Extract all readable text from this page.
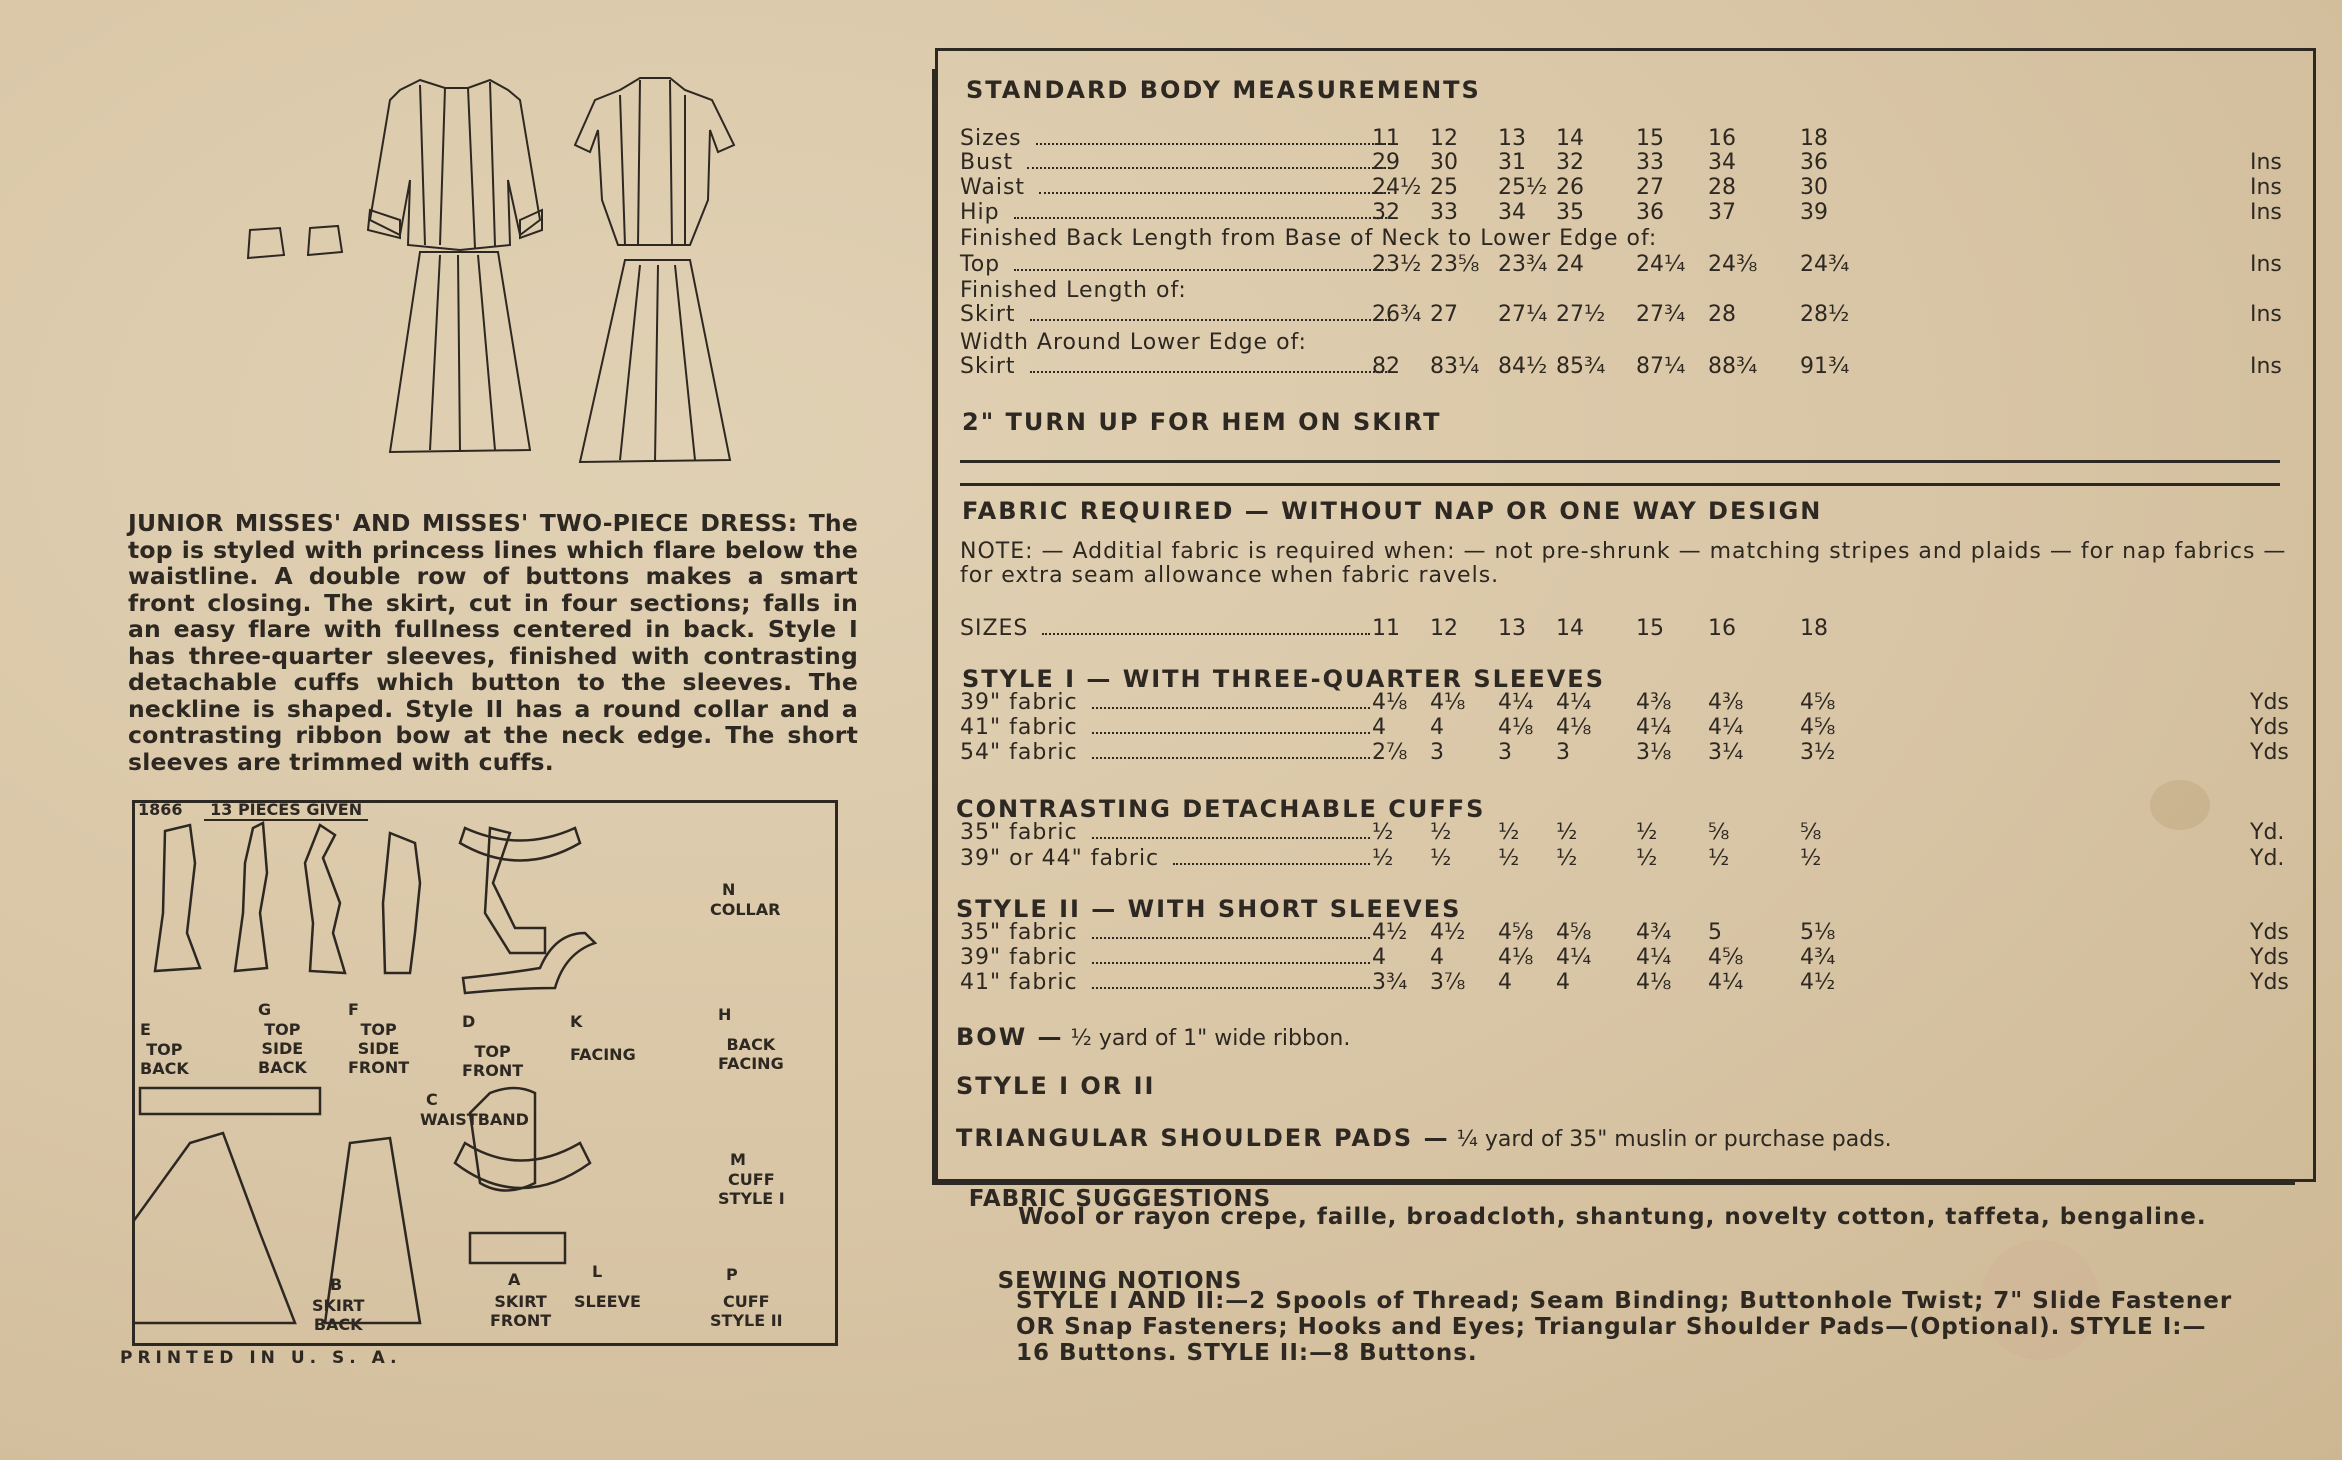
JUNIOR MISSES' AND MISSES' TWO-PIECE DRESS: The top is styled with princess lines which flare below the waistline. A double row of buttons makes a smart front closing. The skirt, cut in four sections; falls in an easy flare with fullness centered in back. Style I has three-quarter sleeves, finished with contrasting detachable cuffs which button to the sleeves. The neckline is shaped. Style II has a round collar and a contrasting ribbon bow at the neck edge. The short sleeves are trimmed with cuffs.
1866 13 PIECES GIVEN
E
TOP
BACK
G
TOP
SIDE
BACK
F
TOP
SIDE
FRONT
D
TOP
FRONT
K
FACING
N
COLLAR
H
BACK
FACING
C
WAISTBAND
M
CUFF
STYLE I
B
SKIRT
BACK
A
SKIRT
FRONT
L
SLEEVE
P
CUFF
STYLE II
PRINTED IN U. S. A.
STANDARD BODY MEASUREMENTS
Sizes	11	12	13	14	15	16	18
Bust	29	30	31	32	33	34	36	Ins
Waist	24½ 25	25½ 26	27	28	30	Ins
Hip	32	33	34	35	36	37	39	Ins
Finished Back Length from Base of Neck to Lower Edge of:
Top	23½ 23⅝ 23¾ 24	24¼	24⅜	24¾	Ins
Finished Length of:
Skirt	26¾ 27	27¼ 27½	27¾	28	28½	Ins
Width Around Lower Edge of:
Skirt	82	83¼ 84½ 85¾	87¼	88¾	91¾	Ins
SIZES	11	12	13	14	15	16	18
39" fabric	4⅛	4⅛	4¼	4¼	4⅜	4⅜	4⅝	Yds
41" fabric	4	4	4⅛	4⅛	4¼	4¼	4⅝	Yds
54" fabric	2⅞	3	3	3	3⅛	3¼	3½	Yds
35" fabric	½	½	½	½	½	⅝	⅝	Yd.
39" or 44" fabric	½	½	½	½	½	½	½	Yd.
35" fabric	4½	4½	4⅝	4⅝	4¾	5	5⅛	Yds
39" fabric	4	4	4⅛	4¼	4¼	4⅝	4¾	Yds
41" fabric	3¾	3⅞	4	4	4⅛	4¼	4½	Yds
2" TURN UP FOR HEM ON SKIRT
FABRIC REQUIRED — WITHOUT NAP OR ONE WAY DESIGN
NOTE: — Additial fabric is required when: — not pre-shrunk — matching stripes and plaids — for nap fabrics — for extra seam allowance when fabric ravels.
STYLE I — WITH THREE-QUARTER SLEEVES
CONTRASTING DETACHABLE CUFFS
STYLE II — WITH SHORT SLEEVES
BOW — ½ yard of 1" wide ribbon.
STYLE I OR II
TRIANGULAR SHOULDER PADS — ¼ yard of 35" muslin or purchase pads.
FABRIC SUGGESTIONS
Wool or rayon crepe, faille, broadcloth, shantung, novelty cotton, taffeta, bengaline.
SEWING NOTIONS
STYLE I AND II:—2 Spools of Thread; Seam Binding; Buttonhole Twist; 7" Slide Fastener
OR Snap Fasteners; Hooks and Eyes; Triangular Shoulder Pads—(Optional). STYLE I:—
16 Buttons. STYLE II:—8 Buttons.
